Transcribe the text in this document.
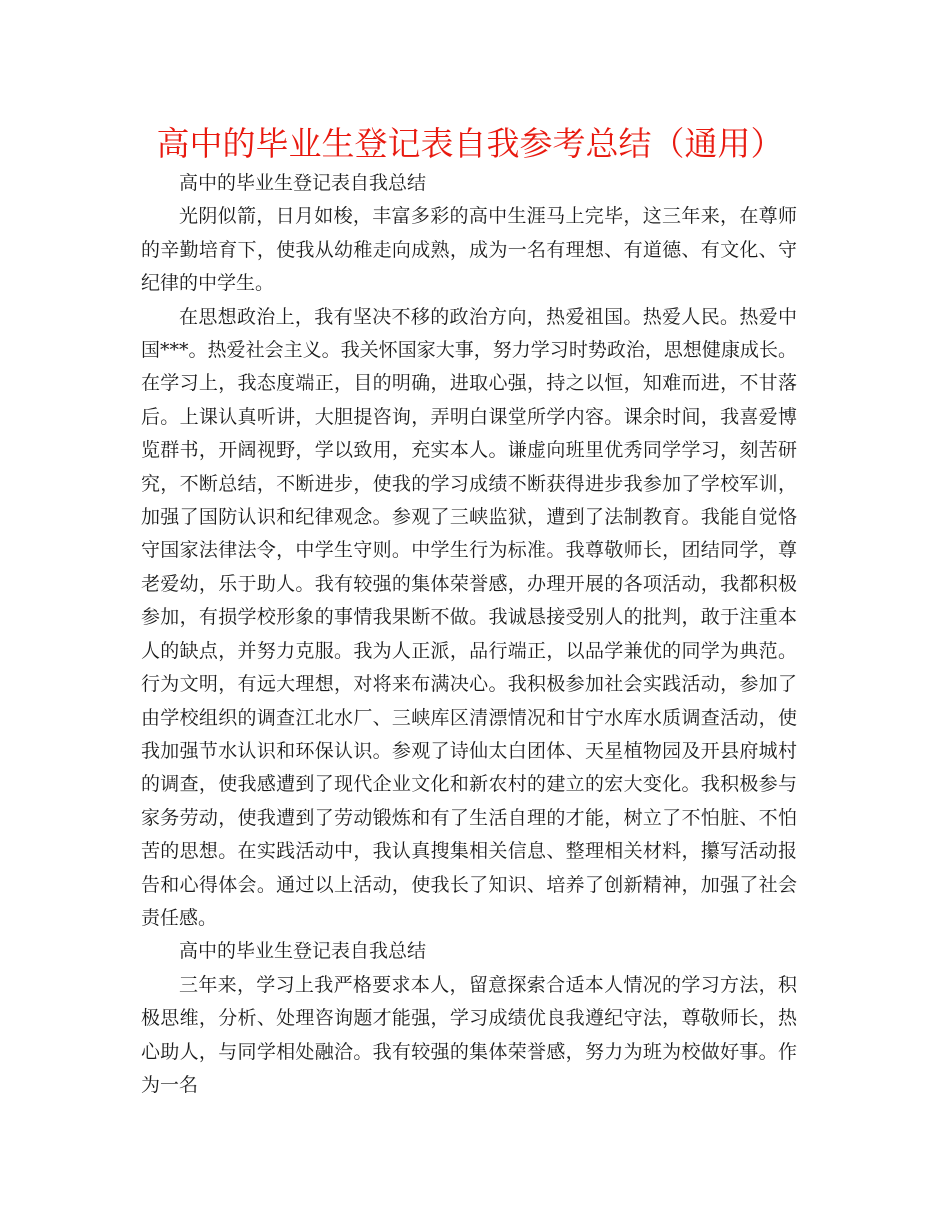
高中的毕业生登记表自我参考总结（通用）

高中的毕业生登记表自我总结

光阴似箭，日月如梭，丰富多彩的高中生涯马上完毕，这三年来，在尊师的辛勤培育下，使我从幼稚走向成熟，成为一名有理想、有道德、有文化、守纪律的中学生。

在思想政治上，我有坚决不移的政治方向，热爱祖国。热爱人民。热爱中国***。热爱社会主义。我关怀国家大事，努力学习时势政治，思想健康成长。在学习上，我态度端正，目的明确，进取心强，持之以恒，知难而进，不甘落后。上课认真听讲，大胆提咨询，弄明白课堂所学内容。课余时间，我喜爱博览群书，开阔视野，学以致用，充实本人。谦虚向班里优秀同学学习，刻苦研究，不断总结，不断进步，使我的学习成绩不断获得进步我参加了学校军训，加强了国防认识和纪律观念。参观了三峡监狱，遭到了法制教育。我能自觉恪守国家法律法令，中学生守则。中学生行为标准。我尊敬师长，团结同学，尊老爱幼，乐于助人。我有较强的集体荣誉感，办理开展的各项活动，我都积极参加，有损学校形象的事情我果断不做。我诚恳接受别人的批判，敢于注重本人的缺点，并努力克服。我为人正派，品行端正，以品学兼优的同学为典范。行为文明，有远大理想，对将来布满决心。我积极参加社会实践活动，参加了由学校组织的调查江北水厂、三峡库区清漂情况和甘宁水库水质调查活动，使我加强节水认识和环保认识。参观了诗仙太白团体、天星植物园及开县府城村的调查，使我感遭到了现代企业文化和新农村的建立的宏大变化。我积极参与家务劳动，使我遭到了劳动锻炼和有了生活自理的才能，树立了不怕脏、不怕苦的思想。在实践活动中，我认真搜集相关信息、整理相关材料，攥写活动报告和心得体会。通过以上活动，使我长了知识、培养了创新精神，加强了社会责任感。

高中的毕业生登记表自我总结

三年来，学习上我严格要求本人，留意探索合适本人情况的学习方法，积极思维，分析、处理咨询题才能强，学习成绩优良我遵纪守法，尊敬师长，热心助人，与同学相处融洽。我有较强的集体荣誉感，努力为班为校做好事。作为一名
